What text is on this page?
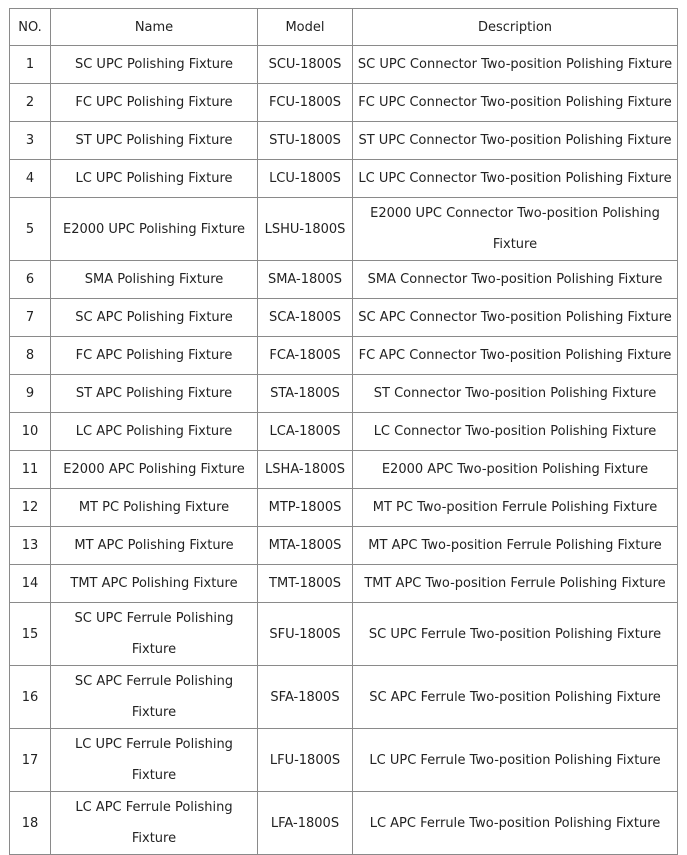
NO.	Name	Model	Description
1	SC UPC Polishing Fixture	SCU-1800S	SC UPC Connector Two-position Polishing Fixture
2	FC UPC Polishing Fixture	FCU-1800S	FC UPC Connector Two-position Polishing Fixture
3	ST UPC Polishing Fixture	STU-1800S	ST UPC Connector Two-position Polishing Fixture
4	LC UPC Polishing Fixture	LCU-1800S	LC UPC Connector Two-position Polishing Fixture
5	E2000 UPC Polishing Fixture	LSHU-1800S	E2000 UPC Connector Two-position Polishing Fixture
6	SMA Polishing Fixture	SMA-1800S	SMA Connector Two-position Polishing Fixture
7	SC APC Polishing Fixture	SCA-1800S	SC APC Connector Two-position Polishing Fixture
8	FC APC Polishing Fixture	FCA-1800S	FC APC Connector Two-position Polishing Fixture
9	ST APC Polishing Fixture	STA-1800S	ST Connector Two-position Polishing Fixture
10	LC APC Polishing Fixture	LCA-1800S	LC Connector Two-position Polishing Fixture
11	E2000 APC Polishing Fixture	LSHA-1800S	E2000 APC Two-position Polishing Fixture
12	MT PC Polishing Fixture	MTP-1800S	MT PC Two-position Ferrule Polishing Fixture
13	MT APC Polishing Fixture	MTA-1800S	MT APC Two-position Ferrule Polishing Fixture
14	TMT APC Polishing Fixture	TMT-1800S	TMT APC Two-position Ferrule Polishing Fixture
15	SC UPC Ferrule Polishing Fixture	SFU-1800S	SC UPC Ferrule Two-position Polishing Fixture
16	SC APC Ferrule Polishing Fixture	SFA-1800S	SC APC Ferrule Two-position Polishing Fixture
17	LC UPC Ferrule Polishing Fixture	LFU-1800S	LC UPC Ferrule Two-position Polishing Fixture
18	LC APC Ferrule Polishing Fixture	LFA-1800S	LC APC Ferrule Two-position Polishing Fixture
